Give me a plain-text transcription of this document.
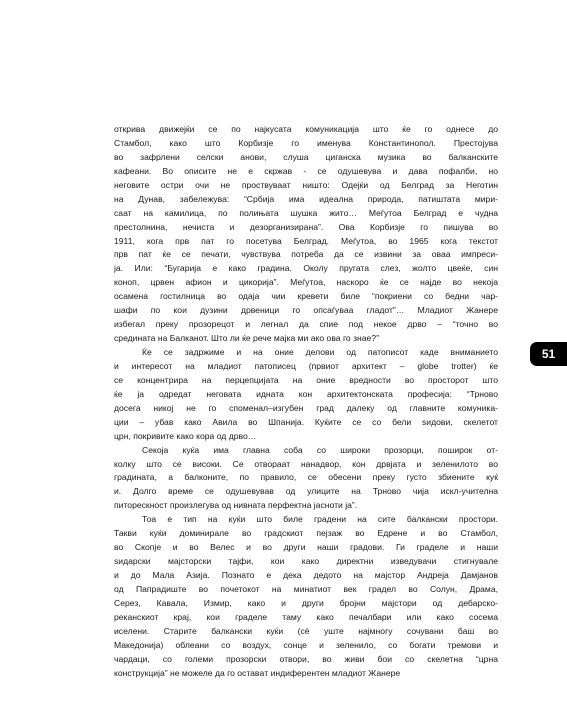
откривa движејќи се по најкусата комуникација што ќе го однесе до
Стамбол, како што Корбизје го именува Константинопол. Престојува
во зафрлени селски анови, слуша циганска музика во балканските
кафеани. Во описите не е скржав - се одушевува и дава пофалби, но
неговите остри очи не проствуваат ништо: Одејќи од Белград за Неготин
на Дунав, забележува: “Србија има идеална природа, патиштата мири-
саат на камилица, по полињата шушка жито… Меѓутоа Белград е чудна
престолнина, нечиста и дезорганизирана”. Ова Корбизје го пишува во
1911, кога прв пат го посетува Белград. Меѓутоа, во 1965 кога текстот
прв пат ќе се печати, чувствува потреба да се извини за оваа импреси-
ја. Или: “Бугарија е како градина. Околу пругата слез, жолто цвеќе, син
коноп, црвен афион и цикорија”. Меѓутоа, наскоро ќе се најде во некоја
осамена гостилница во одаја чии кревети биле “покриени со бедни чар-
шафи по кои дузини дрвеници го опсаѓуваа гладот”… Младиот Жанере
избегал преку прозорецот и легнал да спие под некое дрво – “точно во
средината на Балканот. Што ли ќе рече мајка ми ако ова го знае?”
Ќе се задржиме и на оние делови од патописот каде вниманието
и интересот на младиот патописец (првиот архитект – globe trotter) ќе
се концентрира на перцепцијата на оние вредности во просторот што
ќе ја одредат неговата идната кон архитектонската професија: “Трново
досега никој не го споменал–изгубен град далеку од главните комуника-
ции – убав како Авила во Шпанија. Куќите се со бели ѕидови, скелетот
црн, покривите како кора од дрво…
Секоја куќа има главна соба со широки прозорци, поширок от-
колку што се високи. Се отвораат нанадвор, кон дрвјата и зеленилото во
градината, а балконите, по правило, се обесени преку густо збиените куќ
и. Долго време се одушевував од улиците на Трново чија искл-учителна
питорескност произлегува од нивната перфектна јасноти ја”.
Тоа е тип на куќи што биле градени на сите балкански простори.
Такви куќи доминирале во градскиот пејзаж во Едрене и во Стамбол,
во Скопје и во Велес и во други наши градови. Ги граделе и наши
ѕидарски мајсторски тајфи, кои како директни изведувачи стигнувале
и до Мала Азија. Познато е дека дедото на мајстор Андреја Дамјанов
од Папрадиште во почетокот на минатиот век градел во Солун, Драма,
Серез, Кавала, Измир, како и други бројни мајстори од дебарско-
реканскиот крај, кои граделе таму како печалбари или како сосема
иселени. Старите балкански куќи (сè уште најмногу сочувани баш во
Македонија) облеани со воздух, сонце и зеленило, со богати тремови и
чардаци, со големи прозорски отвори, во живи бои со скелетна “црна
конструкција” не можеле да го оставaт индиферентен младиот Жанере
51
